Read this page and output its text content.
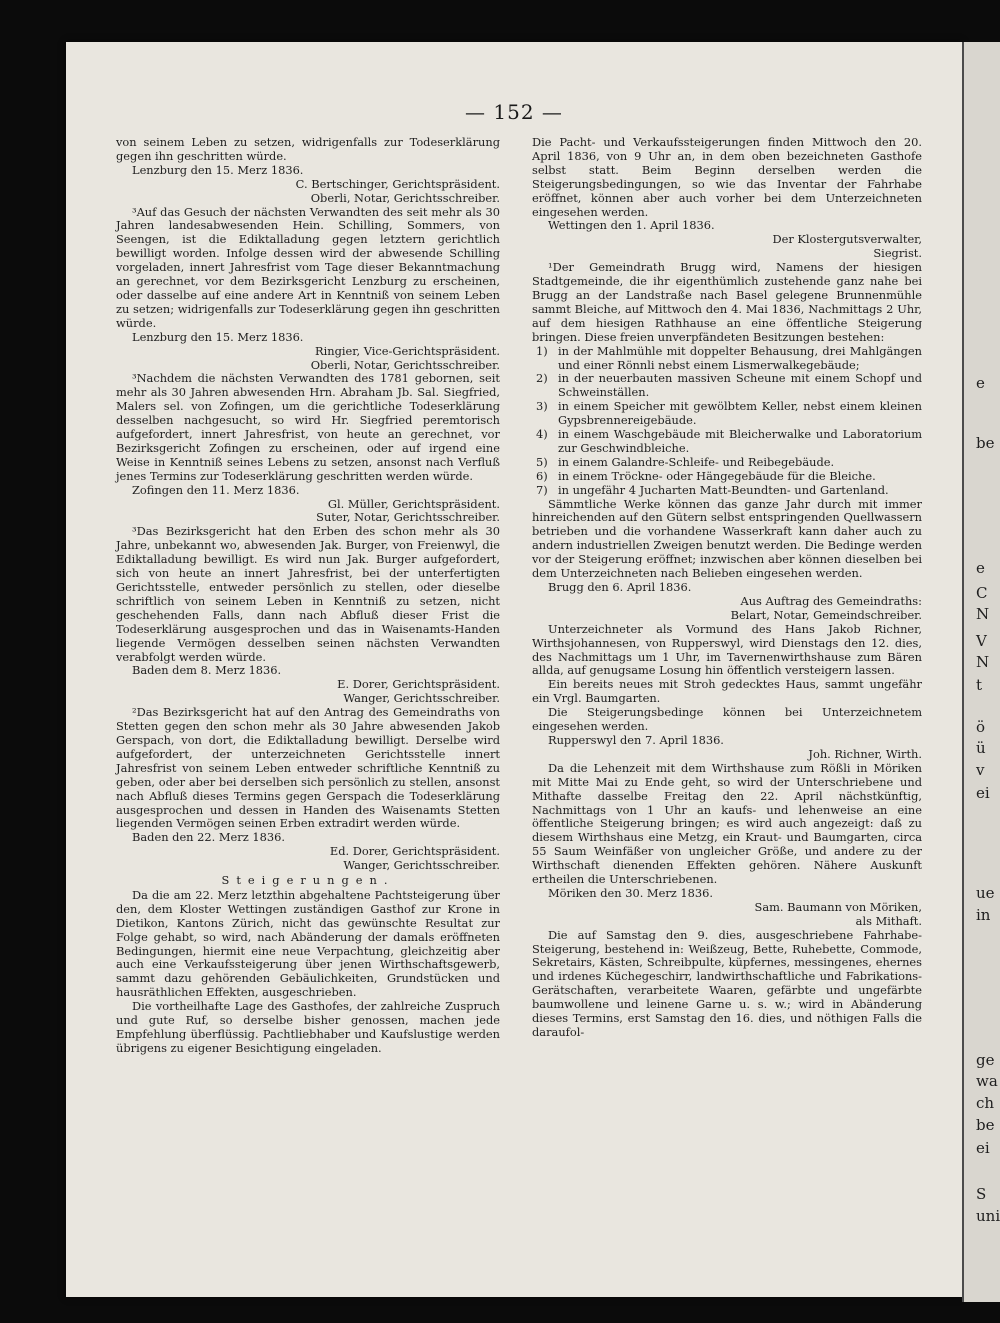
— 152 —

von seinem Leben zu setzen, widrigenfalls zur Todeserklärung gegen ihn geschritten würde.

Lenzburg den 15. Merz 1836.

C. Bertschinger, Gerichtspräsident.

Oberli, Notar, Gerichtsschreiber.

³Auf das Gesuch der nächsten Verwandten des seit mehr als 30 Jahren landesabwesenden Hein. Schilling, Sommers, von Seengen, ist die Ediktalladung gegen letztern gerichtlich bewilligt worden. Infolge dessen wird der abwesende Schilling vorgeladen, innert Jahresfrist vom Tage dieser Bekanntmachung an gerechnet, vor dem Bezirksgericht Lenzburg zu erscheinen, oder dasselbe auf eine andere Art in Kenntniß von seinem Leben zu setzen; widrigenfalls zur Todeserklärung gegen ihn geschritten würde.

Lenzburg den 15. Merz 1836.

Ringier, Vice-Gerichtspräsident.

Oberli, Notar, Gerichtsschreiber.

³Nachdem die nächsten Verwandten des 1781 gebornen, seit mehr als 30 Jahren abwesenden Hrn. Abraham Jb. Sal. Siegfried, Malers sel. von Zofingen, um die gerichtliche Todeserklärung desselben nachgesucht, so wird Hr. Siegfried peremtorisch aufgefordert, innert Jahresfrist, von heute an gerechnet, vor Bezirksgericht Zofingen zu erscheinen, oder auf irgend eine Weise in Kenntniß seines Lebens zu setzen, ansonst nach Verfluß jenes Termins zur Todeserklärung geschritten werden würde.

Zofingen den 11. Merz 1836.

Gl. Müller, Gerichtspräsident.

Suter, Notar, Gerichtsschreiber.

³Das Bezirksgericht hat den Erben des schon mehr als 30 Jahre, unbekannt wo, abwesenden Jak. Burger, von Freienwyl, die Ediktalladung bewilligt. Es wird nun Jak. Burger aufgefordert, sich von heute an innert Jahresfrist, bei der unterfertigten Gerichtsstelle, entweder persönlich zu stellen, oder dieselbe schriftlich von seinem Leben in Kenntniß zu setzen, nicht geschehenden Falls, dann nach Abfluß dieser Frist die Todeserklärung ausgesprochen und das in Waisenamts-Handen liegende Vermögen desselben seinen nächsten Verwandten verabfolgt werden würde.

Baden dem 8. Merz 1836.

E. Dorer, Gerichtspräsident.

Wanger, Gerichtsschreiber.

²Das Bezirksgericht hat auf den Antrag des Gemeindraths von Stetten gegen den schon mehr als 30 Jahre abwesenden Jakob Gerspach, von dort, die Ediktalladung bewilligt. Derselbe wird aufgefordert, der unterzeichneten Gerichtsstelle innert Jahresfrist von seinem Leben entweder schriftliche Kenntniß zu geben, oder aber bei derselben sich persönlich zu stellen, ansonst nach Abfluß dieses Termins gegen Gerspach die Todeserklärung ausgesprochen und dessen in Handen des Waisenamts Stetten liegenden Vermögen seinen Erben extradirt werden würde.

Baden den 22. Merz 1836.

Ed. Dorer, Gerichtspräsident.

Wanger, Gerichtsschreiber.

Steigerungen.

Da die am 22. Merz letzthin abgehaltene Pachtsteigerung über den, dem Kloster Wettingen zuständigen Gasthof zur Krone in Dietikon, Kantons Zürich, nicht das gewünschte Resultat zur Folge gehabt, so wird, nach Abänderung der damals eröffneten Bedingungen, hiermit eine neue Verpachtung, gleichzeitig aber auch eine Verkaufssteigerung über jenen Wirthschaftsgewerb, sammt dazu gehörenden Gebäulichkeiten, Grundstücken und hausräthlichen Effekten, ausgeschrieben.

Die vortheilhafte Lage des Gasthofes, der zahlreiche Zuspruch und gute Ruf, so derselbe bisher genossen, machen jede Empfehlung überflüssig. Pachtliebhaber und Kaufslustige werden übrigens zu eigener Besichtigung eingeladen.

Die Pacht- und Verkaufssteigerungen finden Mittwoch den 20. April 1836, von 9 Uhr an, in dem oben bezeichneten Gasthofe selbst statt. Beim Beginn derselben werden die Steigerungsbedingungen, so wie das Inventar der Fahrhabe eröffnet, können aber auch vorher bei dem Unterzeichneten eingesehen werden.

Wettingen den 1. April 1836.

Der Klostergutsverwalter,

Siegrist.

¹Der Gemeindrath Brugg wird, Namens der hiesigen Stadtgemeinde, die ihr eigenthümlich zustehende ganz nahe bei Brugg an der Landstraße nach Basel gelegene Brunnenmühle sammt Bleiche, auf Mittwoch den 4. Mai 1836, Nachmittags 2 Uhr, auf dem hiesigen Rathhause an eine öffentliche Steigerung bringen. Diese freien unverpfändeten Besitzungen bestehen:

1) in der Mahlmühle mit doppelter Behausung, drei Mahlgängen und einer Rönnli nebst einem Lismerwalkegebäude;
2) in der neuerbauten massiven Scheune mit einem Schopf und Schweinställen.
3) in einem Speicher mit gewölbtem Keller, nebst einem kleinen Gypsbrennereigebäude.
4) in einem Waschgebäude mit Bleicherwalke und Laboratorium zur Geschwindbleiche.
5) in einem Galandre-Schleife- und Reibegebäude.
6) in einem Tröckne- oder Hängegebäude für die Bleiche.
7) in ungefähr 4 Jucharten Matt-Beundten- und Gartenland.

Sämmtliche Werke können das ganze Jahr durch mit immer hinreichenden auf den Gütern selbst entspringenden Quellwassern betrieben und die vorhandene Wasserkraft kann daher auch zu andern industriellen Zweigen benutzt werden. Die Bedinge werden vor der Steigerung eröffnet; inzwischen aber können dieselben bei dem Unterzeichneten nach Belieben eingesehen werden.

Brugg den 6. April 1836.

Aus Auftrag des Gemeindraths:

Belart, Notar, Gemeindschreiber.

Unterzeichneter als Vormund des Hans Jakob Richner, Wirthsjohannesen, von Rupperswyl, wird Dienstags den 12. dies, des Nachmittags um 1 Uhr, im Tavernenwirthshause zum Bären allda, auf genugsame Losung hin öffentlich versteigern lassen.

Ein bereits neues mit Stroh gedecktes Haus, sammt ungefähr ein Vrgl. Baumgarten.

Die Steigerungsbedinge können bei Unterzeichnetem eingesehen werden.

Rupperswyl den 7. April 1836.

Joh. Richner, Wirth.

Da die Lehenzeit mit dem Wirthshause zum Rößli in Möriken mit Mitte Mai zu Ende geht, so wird der Unterschriebene und Mithafte dasselbe Freitag den 22. April nächstkünftig, Nachmittags von 1 Uhr an kaufs- und lehenweise an eine öffentliche Steigerung bringen; es wird auch angezeigt: daß zu diesem Wirthshaus eine Metzg, ein Kraut- und Baumgarten, circa 55 Saum Weinfäßer von ungleicher Größe, und andere zu der Wirthschaft dienenden Effekten gehören. Nähere Auskunft ertheilen die Unterschriebenen.

Möriken den 30. Merz 1836.

Sam. Baumann von Möriken,

als Mithaft.

Die auf Samstag den 9. dies, ausgeschriebene Fahrhabe-Steigerung, bestehend in: Weißzeug, Bette, Ruhebette, Commode, Sekretairs, Kästen, Schreibpulte, küpfernes, messingenes, ehernes und irdenes Küchegeschirr, landwirthschaftliche und Fabrikations-Gerätschaften, verarbeitete Waaren, gefärbte und ungefärbte baumwollene und leinene Garne u. s. w.; wird in Abänderung dieses Termins, erst Samstag den 16. dies, und nöthigen Falls die daraufol-

e
be
e
C
N
V
N
t
ö
ü
v
ei
ue
in
ge
wa
ch
be
ei
S
uni
